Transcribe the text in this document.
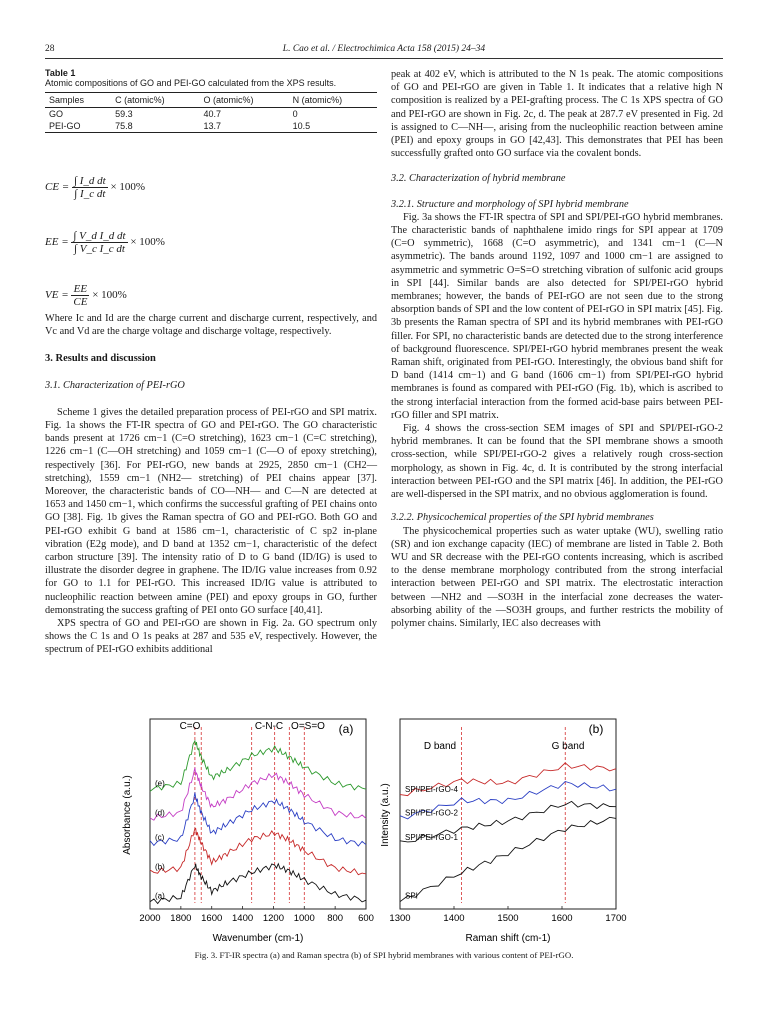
28	L. Cao et al. / Electrochimica Acta 158 (2015) 24–34
Table 1
Atomic compositions of GO and PEI-GO calculated from the XPS results.
Samples	C (atomic%)	O (atomic%)	N (atomic%)
GO	59.3	40.7	0
PEI-GO	75.8	13.7	10.5
CE = $\frac{\text{∫ I\_d dt}}{\text{∫ I\_c dt}} \times 100\%$
EE = $\frac{\text{∫ V\_d I\_d dt}}{\text{∫ V\_c I\_c dt}} \times 100\%$
VE = $\frac{EE}{CE} \times 100\%$

Where Ic and Id are the charge current and discharge current, respectively, and Vc and Vd are the charge voltage and discharge voltage, respectively.

3. Results and discussion
3.1. Characterization of PEI-rGO

Scheme 1 gives the detailed preparation process of PEI-rGO and SPI matrix. Fig. 1a shows the FT-IR spectra of GO and PEI-rGO. The GO characteristic bands present at 1726 cm−1 (C=O stretching), 1623 cm−1 (C=C stretching), 1226 cm−1 (C—OH stretching) and 1059 cm−1 (C—O of epoxy stretching), respectively [36]. For PEI-rGO, new bands at 2925, 2850 cm−1 (CH2— stretching), 1559 cm−1 (NH2— stretching) of PEI chains appear [37]. Moreover, the characteristic bands of CO—NH— and C—N are detected at 1653 and 1450 cm−1, which confirms the successful grafting of PEI chains onto GO [38]. Fig. 1b gives the Raman spectra of GO and PEI-rGO. Both GO and PEI-rGO exhibit G band at 1586 cm−1, characteristic of C sp2 in-plane vibration (E2g mode), and D band at 1352 cm−1, characteristic of the defect carbon structure [39]. The intensity ratio of D to G band (ID/IG) is used to illustrate the disorder degree in graphene. The ID/IG value increases from 0.92 for GO to 1.1 for PEI-rGO. This increased ID/IG value is attributed to nucleophilic reaction between amine (PEI) and epoxy groups in GO, further demonstrating the success grafting of PEI onto GO surface [40,41].

XPS spectra of GO and PEI-rGO are shown in Fig. 2a. GO spectrum only shows the C 1s and O 1s peaks at 287 and 535 eV, respectively. However, the spectrum of PEI-rGO exhibits additional

peak at 402 eV, which is attributed to the N 1s peak. The atomic compositions of GO and PEI-rGO are given in Table 1. It indicates that a relative high N composition is realized by a PEI-grafting process. The C 1s XPS spectra of GO and PEI-rGO are shown in Fig. 2c, d. The peak at 287.7 eV presented in Fig. 2d is assigned to C—NH—, arising from the nucleophilic reaction between amine (PEI) and epoxy groups in GO [42,43]. This demonstrates that PEI has been successfully grafted onto GO surface via the covalent bonds.

3.2. Characterization of hybrid membrane
3.2.1. Structure and morphology of SPI hybrid membrane

Fig. 3a shows the FT-IR spectra of SPI and SPI/PEI-rGO hybrid membranes. The characteristic bands of naphthalene imido rings for SPI appear at 1709 (C=O symmetric), 1668 (C=O asymmetric), and 1341 cm−1 (C—N asymmetric). The bands around 1192, 1097 and 1000 cm−1 are assigned to asymmetric and symmetric O=S=O stretching vibration of sulfonic acid groups in SPI [44]. Similar bands are also detected for SPI/PEI-rGO hybrid membranes; however, the bands of PEI-rGO are not seen due to the strong absorption bands of SPI and the low content of PEI-rGO in SPI matrix [45]. Fig. 3b presents the Raman spectra of SPI and its hybrid membranes with PEI-rGO filler. For SPI, no characteristic bands are detected due to the strong interference of background fluorescence. SPI/PEI-rGO hybrid membranes present the weak Raman shift, originated from PEI-rGO. Interestingly, the obvious band shift for D band (1414 cm−1) and G band (1606 cm−1) from SPI/PEI-rGO hybrid membranes is found as compared with PEI-rGO (Fig. 1b), which is ascribed to the strong interfacial interaction from the formed acid-base pairs between PEI-rGO filler and SPI matrix.

Fig. 4 shows the cross-section SEM images of SPI and SPI/PEI-rGO-2 hybrid membranes. It can be found that the SPI membrane shows a smooth cross-section, while SPI/PEI-rGO-2 gives a relatively rough cross-section morphology, as shown in Fig. 4c, d. It is contributed by the strong interfacial interaction between PEI-rGO and the SPI matrix [46]. In addition, the PEI-rGO are well-dispersed in the SPI matrix, and no obvious agglomeration is found.

3.2.2. Physicochemical properties of the SPI hybrid membranes

The physicochemical properties such as water uptake (WU), swelling ratio (SR) and ion exchange capacity (IEC) of membrane are listed in Table 2. Both WU and SR decrease with the PEI-rGO contents increasing, which is ascribed to the dense membrane morphology contributed from the strong interfacial interaction between PEI-rGO and SPI matrix. The electrostatic interaction between —NH2 and —SO3H in the interfacial zone decreases the water-absorbing ability of the —SO3H groups, and further restricts the mobility of polymer chains. Similarly, IEC also decreases with

(a)
(b)
(c)
(d)
(e)
2000 1800 1600 1400 1200 1000 800 600
SPI
SPI/PEI-rGO-1
SPI/PEI-rGO-2
SPI/PEI-rGO-4
1300	1400	1500	1600	1700
(a)	(b)
C=O	C-N-C O=S=O
D band	G band
Absorbance (a.u.)	Intensity (a.u.)
Wavenumber (cm-1)	Raman shift (cm-1)
Fig. 3. FT-IR spectra (a) and Raman spectra (b) of SPI hybrid membranes with various content of PEI-rGO.
